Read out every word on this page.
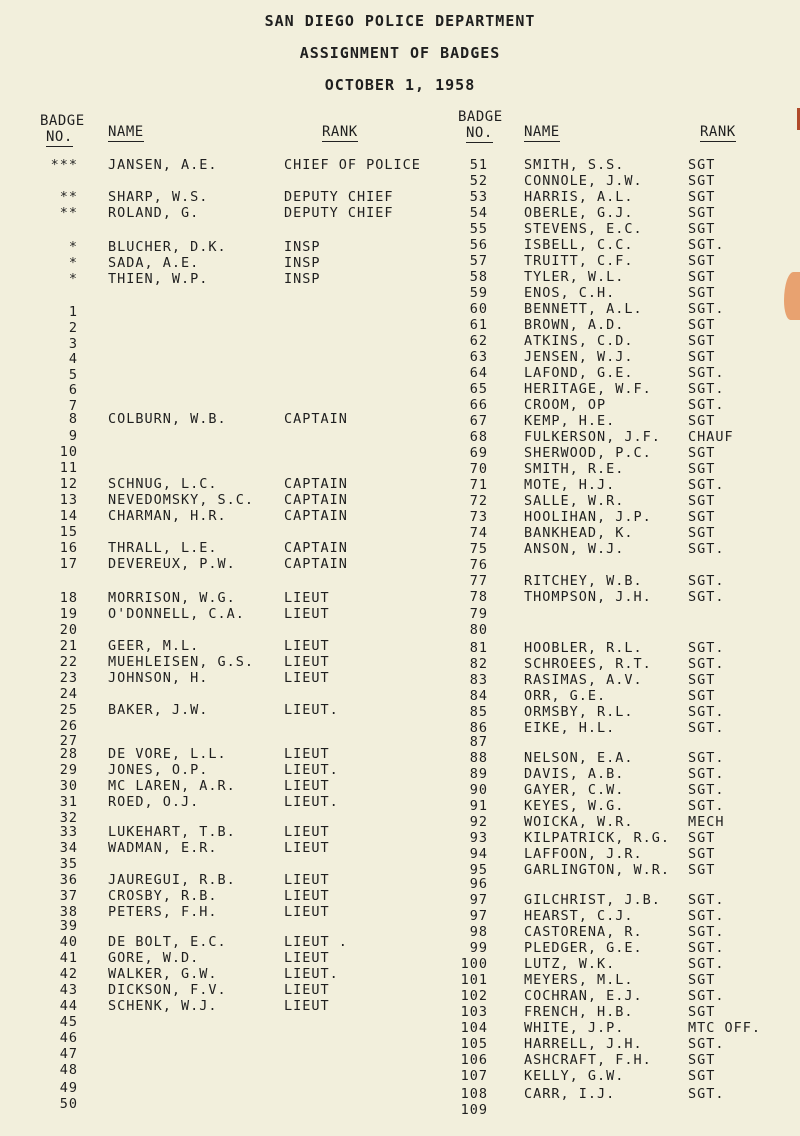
SAN DIEGO POLICE DEPARTMENT
ASSIGNMENT OF BADGES
OCTOBER 1, 1958
BADGE
NO.	NAME	RANK
BADGE
NO. NAME	RANK
*** JANSEN, A.E.	CHIEF OF POLICE
** SHARP, W.S.	DEPUTY CHIEF
** ROLAND, G.	DEPUTY CHIEF
* BLUCHER, D.K.	INSP
* SADA, A.E.	INSP
* THIEN, W.P.	INSP
1
2
3
4
5
6
7
8 COLBURN, W.B.	CAPTAIN
9
10
11
12 SCHNUG, L.C.	CAPTAIN
13 NEVEDOMSKY, S.C. CAPTAIN
14 CHARMAN, H.R.	CAPTAIN
15
16 THRALL, L.E.	CAPTAIN
17 DEVEREUX, P.W.	CAPTAIN
18 MORRISON, W.G.	LIEUT
19 O'DONNELL, C.A.	LIEUT
20
21 GEER, M.L.	LIEUT
22 MUEHLEISEN, G.S. LIEUT
23 JOHNSON, H.	LIEUT
24
25 BAKER, J.W.	LIEUT.
26
27
28 DE VORE, L.L.	LIEUT
29 JONES, O.P.	LIEUT.
30 MC LAREN, A.R.	LIEUT
31 ROED, O.J.	LIEUT.
32
33 LUKEHART, T.B.	LIEUT
34 WADMAN, E.R.	LIEUT
35
36 JAUREGUI, R.B.	LIEUT
37 CROSBY, R.B.	LIEUT
38 PETERS, F.H.	LIEUT
39
40 DE BOLT, E.C.	LIEUT .
41 GORE, W.D.	LIEUT
42 WALKER, G.W.	LIEUT.
43 DICKSON, F.V.	LIEUT
44 SCHENK, W.J.	LIEUT
45
46
47
48
49
50
51	SMITH, S.S.	SGT
52	CONNOLE, J.W.	SGT
53	HARRIS, A.L.	SGT
54	OBERLE, G.J.	SGT
55	STEVENS, E.C.	SGT
56	ISBELL, C.C.	SGT.
57	TRUITT, C.F.	SGT
58	TYLER, W.L.	SGT
59	ENOS, C.H.	SGT
60	BENNETT, A.L.	SGT.
61	BROWN, A.D.	SGT
62	ATKINS, C.D.	SGT
63	JENSEN, W.J.	SGT
64	LAFOND, G.E.	SGT.
65	HERITAGE, W.F.	SGT.
66	CROOM, OP	SGT.
67	KEMP, H.E.	SGT
68	FULKERSON, J.F. CHAUF
69	SHERWOOD, P.C.	SGT
70	SMITH, R.E.	SGT
71	MOTE, H.J.	SGT.
72	SALLE, W.R.	SGT
73	HOOLIHAN, J.P.	SGT
74	BANKHEAD, K.	SGT
75	ANSON, W.J.	SGT.
76
77	RITCHEY, W.B.	SGT.
78	THOMPSON, J.H.	SGT.
79
80
81	HOOBLER, R.L.	SGT.
82	SCHROEES, R.T.	SGT.
83	RASIMAS, A.V.	SGT
84	ORR, G.E.	SGT
85	ORMSBY, R.L.	SGT.
86	EIKE, H.L.	SGT.
87
88	NELSON, E.A.	SGT.
89	DAVIS, A.B.	SGT.
90	GAYER, C.W.	SGT.
91	KEYES, W.G.	SGT.
92	WOICKA, W.R.	MECH
93	KILPATRICK, R.G. SGT
94	LAFFOON, J.R.	SGT
95	GARLINGTON, W.R. SGT
96
97	GILCHRIST, J.B. SGT.
97	HEARST, C.J.	SGT.
98	CASTORENA, R.	SGT.
99	PLEDGER, G.E.	SGT.
100	LUTZ, W.K.	SGT.
101	MEYERS, M.L.	SGT
102	COCHRAN, E.J.	SGT.
103	FRENCH, H.B.	SGT
104	WHITE, J.P.	MTC OFF.
105	HARRELL, J.H.	SGT.
106	ASHCRAFT, F.H.	SGT
107	KELLY, G.W.	SGT
108	CARR, I.J.	SGT.
109
